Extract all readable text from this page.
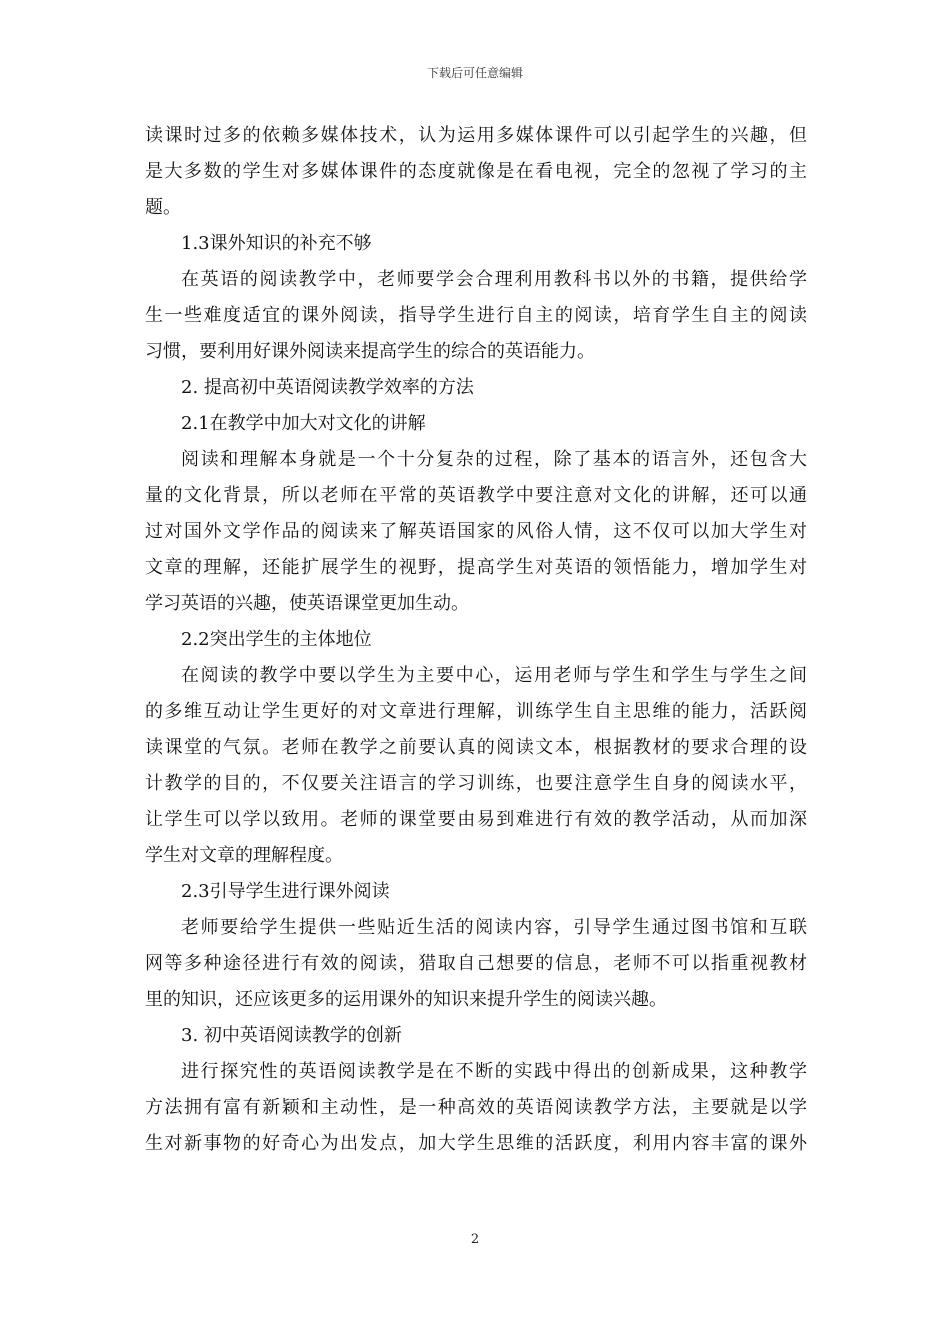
下载后可任意编辑
读课时过多的依赖多媒体技术，认为运用多媒体课件可以引起学生的兴趣，但
是大多数的学生对多媒体课件的态度就像是在看电视，完全的忽视了学习的主
题。
1.3课外知识的补充不够
在英语的阅读教学中，老师要学会合理利用教科书以外的书籍，提供给学
生一些难度适宜的课外阅读，指导学生进行自主的阅读，培育学生自主的阅读
习惯，要利用好课外阅读来提高学生的综合的英语能力。
2. 提高初中英语阅读教学效率的方法
2.1在教学中加大对文化的讲解
阅读和理解本身就是一个十分复杂的过程，除了基本的语言外，还包含大
量的文化背景，所以老师在平常的英语教学中要注意对文化的讲解，还可以通
过对国外文学作品的阅读来了解英语国家的风俗人情，这不仅可以加大学生对
文章的理解，还能扩展学生的视野，提高学生对英语的领悟能力，增加学生对
学习英语的兴趣，使英语课堂更加生动。
2.2突出学生的主体地位
在阅读的教学中要以学生为主要中心，运用老师与学生和学生与学生之间
的多维互动让学生更好的对文章进行理解，训练学生自主思维的能力，活跃阅
读课堂的气氛。老师在教学之前要认真的阅读文本，根据教材的要求合理的设
计教学的目的，不仅要关注语言的学习训练，也要注意学生自身的阅读水平，
让学生可以学以致用。老师的课堂要由易到难进行有效的教学活动，从而加深
学生对文章的理解程度。
2.3引导学生进行课外阅读
老师要给学生提供一些贴近生活的阅读内容，引导学生通过图书馆和互联
网等多种途径进行有效的阅读，猎取自己想要的信息，老师不可以指重视教材
里的知识，还应该更多的运用课外的知识来提升学生的阅读兴趣。
3. 初中英语阅读教学的创新
进行探究性的英语阅读教学是在不断的实践中得出的创新成果，这种教学
方法拥有富有新颖和主动性，是一种高效的英语阅读教学方法，主要就是以学
生对新事物的好奇心为出发点，加大学生思维的活跃度，利用内容丰富的课外
2
